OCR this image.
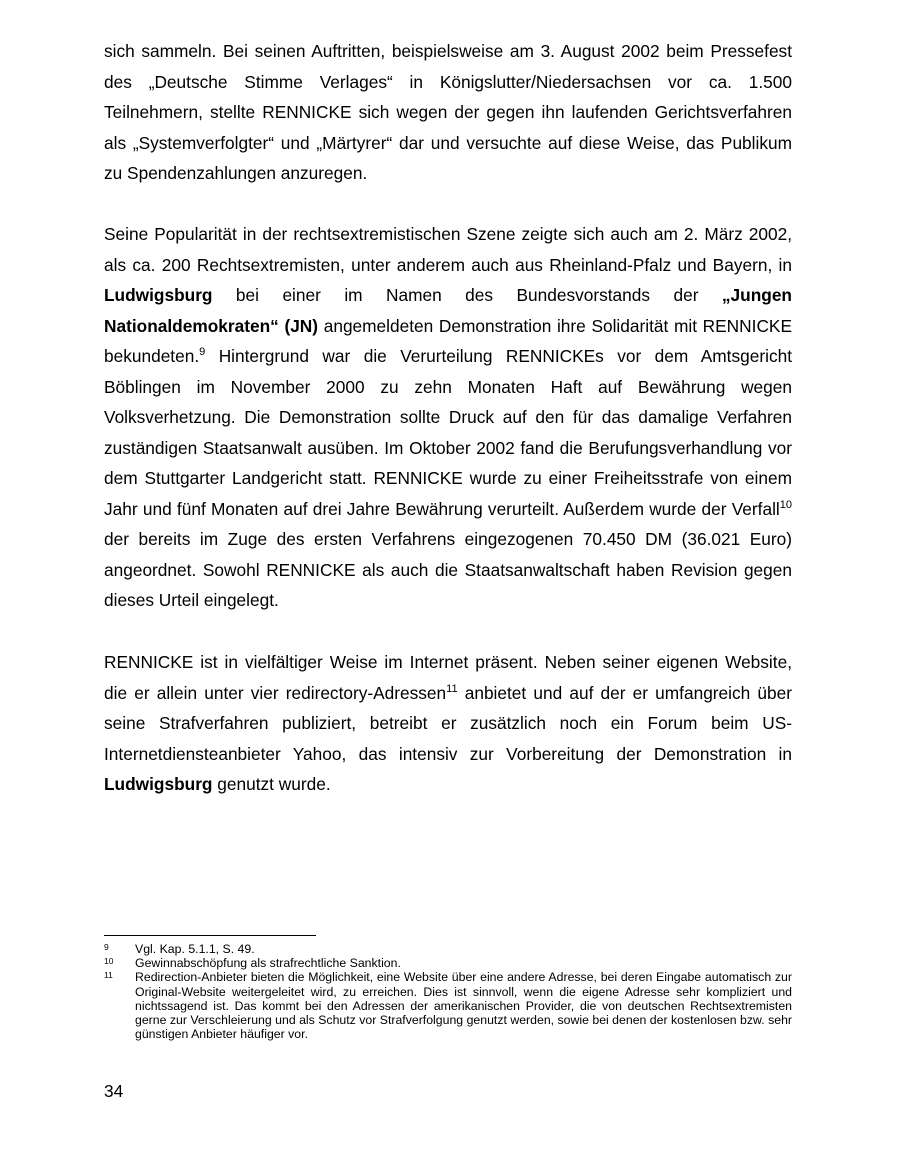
sich sammeln. Bei seinen Auftritten, beispielsweise am 3. August 2002 beim Pressefest des „Deutsche Stimme Verlages“ in Königslutter/Niedersachsen vor ca. 1.500 Teilnehmern, stellte RENNICKE sich wegen der gegen ihn laufenden Gerichtsverfahren als „Systemverfolgter“ und „Märtyrer“ dar und versuchte auf diese Weise, das Publikum zu Spendenzahlungen anzuregen.

Seine Popularität in der rechtsextremistischen Szene zeigte sich auch am 2. März 2002, als ca. 200 Rechtsextremisten, unter anderem auch aus Rheinland-Pfalz und Bayern, in Ludwigsburg bei einer im Namen des Bundesvorstands der „Jungen Nationaldemokraten“ (JN) angemeldeten Demonstration ihre Solidarität mit RENNICKE bekundeten.$^9$ Hintergrund war die Verurteilung RENNICKEs vor dem Amtsgericht Böblingen im November 2000 zu zehn Monaten Haft auf Bewährung wegen Volksverhetzung. Die Demonstration sollte Druck auf den für das damalige Verfahren zuständigen Staatsanwalt ausüben. Im Oktober 2002 fand die Berufungsverhandlung vor dem Stuttgarter Landgericht statt. RENNICKE wurde zu einer Freiheitsstrafe von einem Jahr und fünf Monaten auf drei Jahre Bewährung verurteilt. Außerdem wurde der Verfall$^{10}$ der bereits im Zuge des ersten Verfahrens eingezogenen 70.450 DM (36.021 Euro) angeordnet. Sowohl RENNICKE als auch die Staatsanwaltschaft haben Revision gegen dieses Urteil eingelegt.

RENNICKE ist in vielfältiger Weise im Internet präsent. Neben seiner eigenen Website, die er allein unter vier redirectory-Adressen$^{11}$ anbietet und auf der er umfangreich über seine Strafverfahren publiziert, betreibt er zusätzlich noch ein Forum beim US-Internetdiensteanbieter Yahoo, das intensiv zur Vorbereitung der Demonstration in Ludwigsburg genutzt wurde.

9	Vgl. Kap. 5.1.1, S. 49.
10	Gewinnabschöpfung als strafrechtliche Sanktion.
11	Redirection-Anbieter bieten die Möglichkeit, eine Website über eine andere Adresse, bei deren Eingabe automatisch zur Original-Website weitergeleitet wird, zu erreichen. Dies ist sinnvoll, wenn die eigene Adresse sehr kompliziert und nichtssagend ist. Das kommt bei den Adressen der amerikanischen Provider, die von deutschen Rechtsextremisten gerne zur Verschleierung und als Schutz vor Strafverfolgung genutzt werden, sowie bei denen der kostenlosen bzw. sehr günstigen Anbieter häufiger vor.
34
